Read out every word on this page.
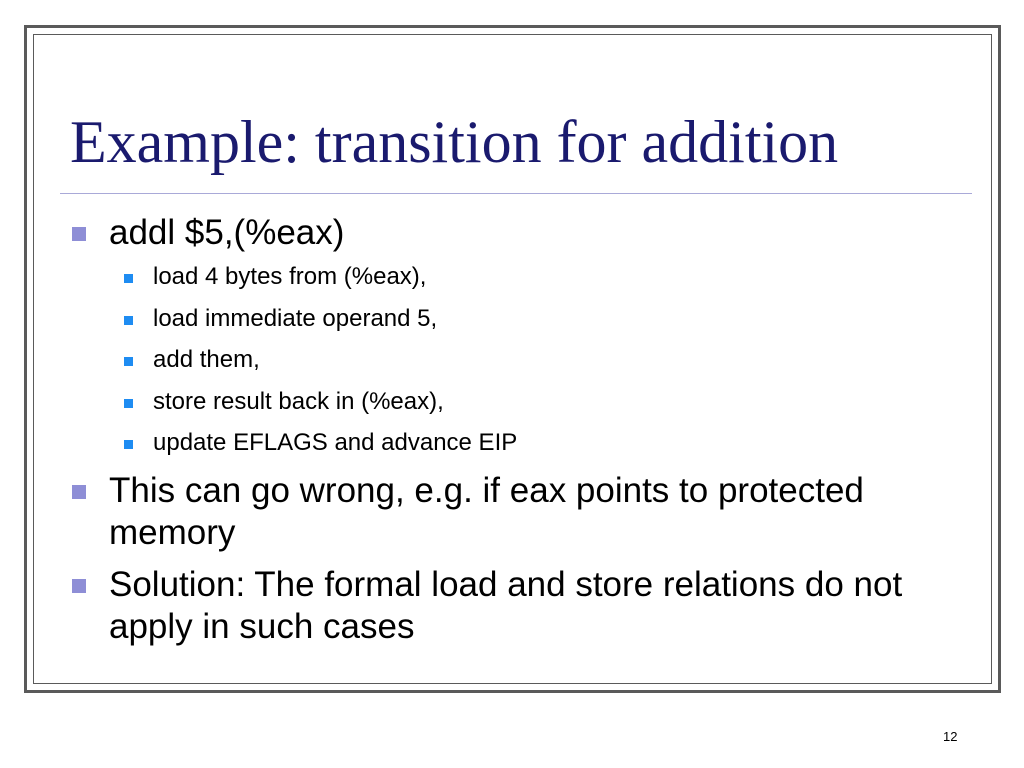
Example: transition for addition
addl $5,(%eax)
load 4 bytes from (%eax),
load immediate operand 5,
add them,
store result back in (%eax),
update EFLAGS and advance EIP
This can go wrong, e.g. if eax points to protected memory
Solution: The formal load and store relations do not apply in such cases
12
